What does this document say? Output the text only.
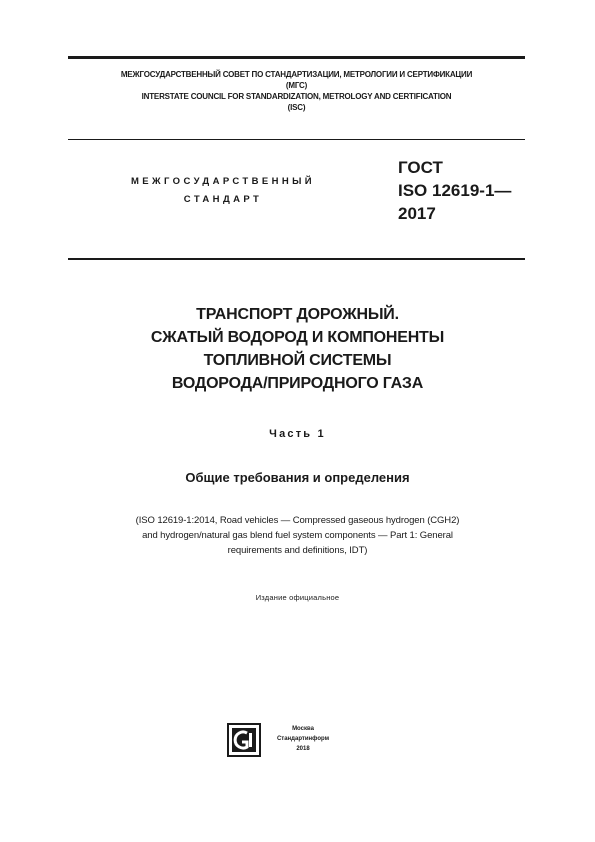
МЕЖГОСУДАРСТВЕННЫЙ СОВЕТ ПО СТАНДАРТИЗАЦИИ, МЕТРОЛОГИИ И СЕРТИФИКАЦИИ
(МГС)
INTERSTATE COUNCIL FOR STANDARDIZATION, METROLOGY AND CERTIFICATION
(ISC)
МЕЖГОСУДАРСТВЕННЫЙ
СТАНДАРТ
ГОСТ
ISO 12619-1—
2017
ТРАНСПОРТ ДОРОЖНЫЙ.
СЖАТЫЙ ВОДОРОД И КОМПОНЕНТЫ
ТОПЛИВНОЙ СИСТЕМЫ
ВОДОРОДА/ПРИРОДНОГО ГАЗА
Часть 1
Общие требования и определения
(ISO 12619-1:2014, Road vehicles — Compressed gaseous hydrogen (CGH2)
and hydrogen/natural gas blend fuel system components — Part 1: General
requirements and definitions, IDT)
Издание официальное
Москва
Стандартинформ
2018
